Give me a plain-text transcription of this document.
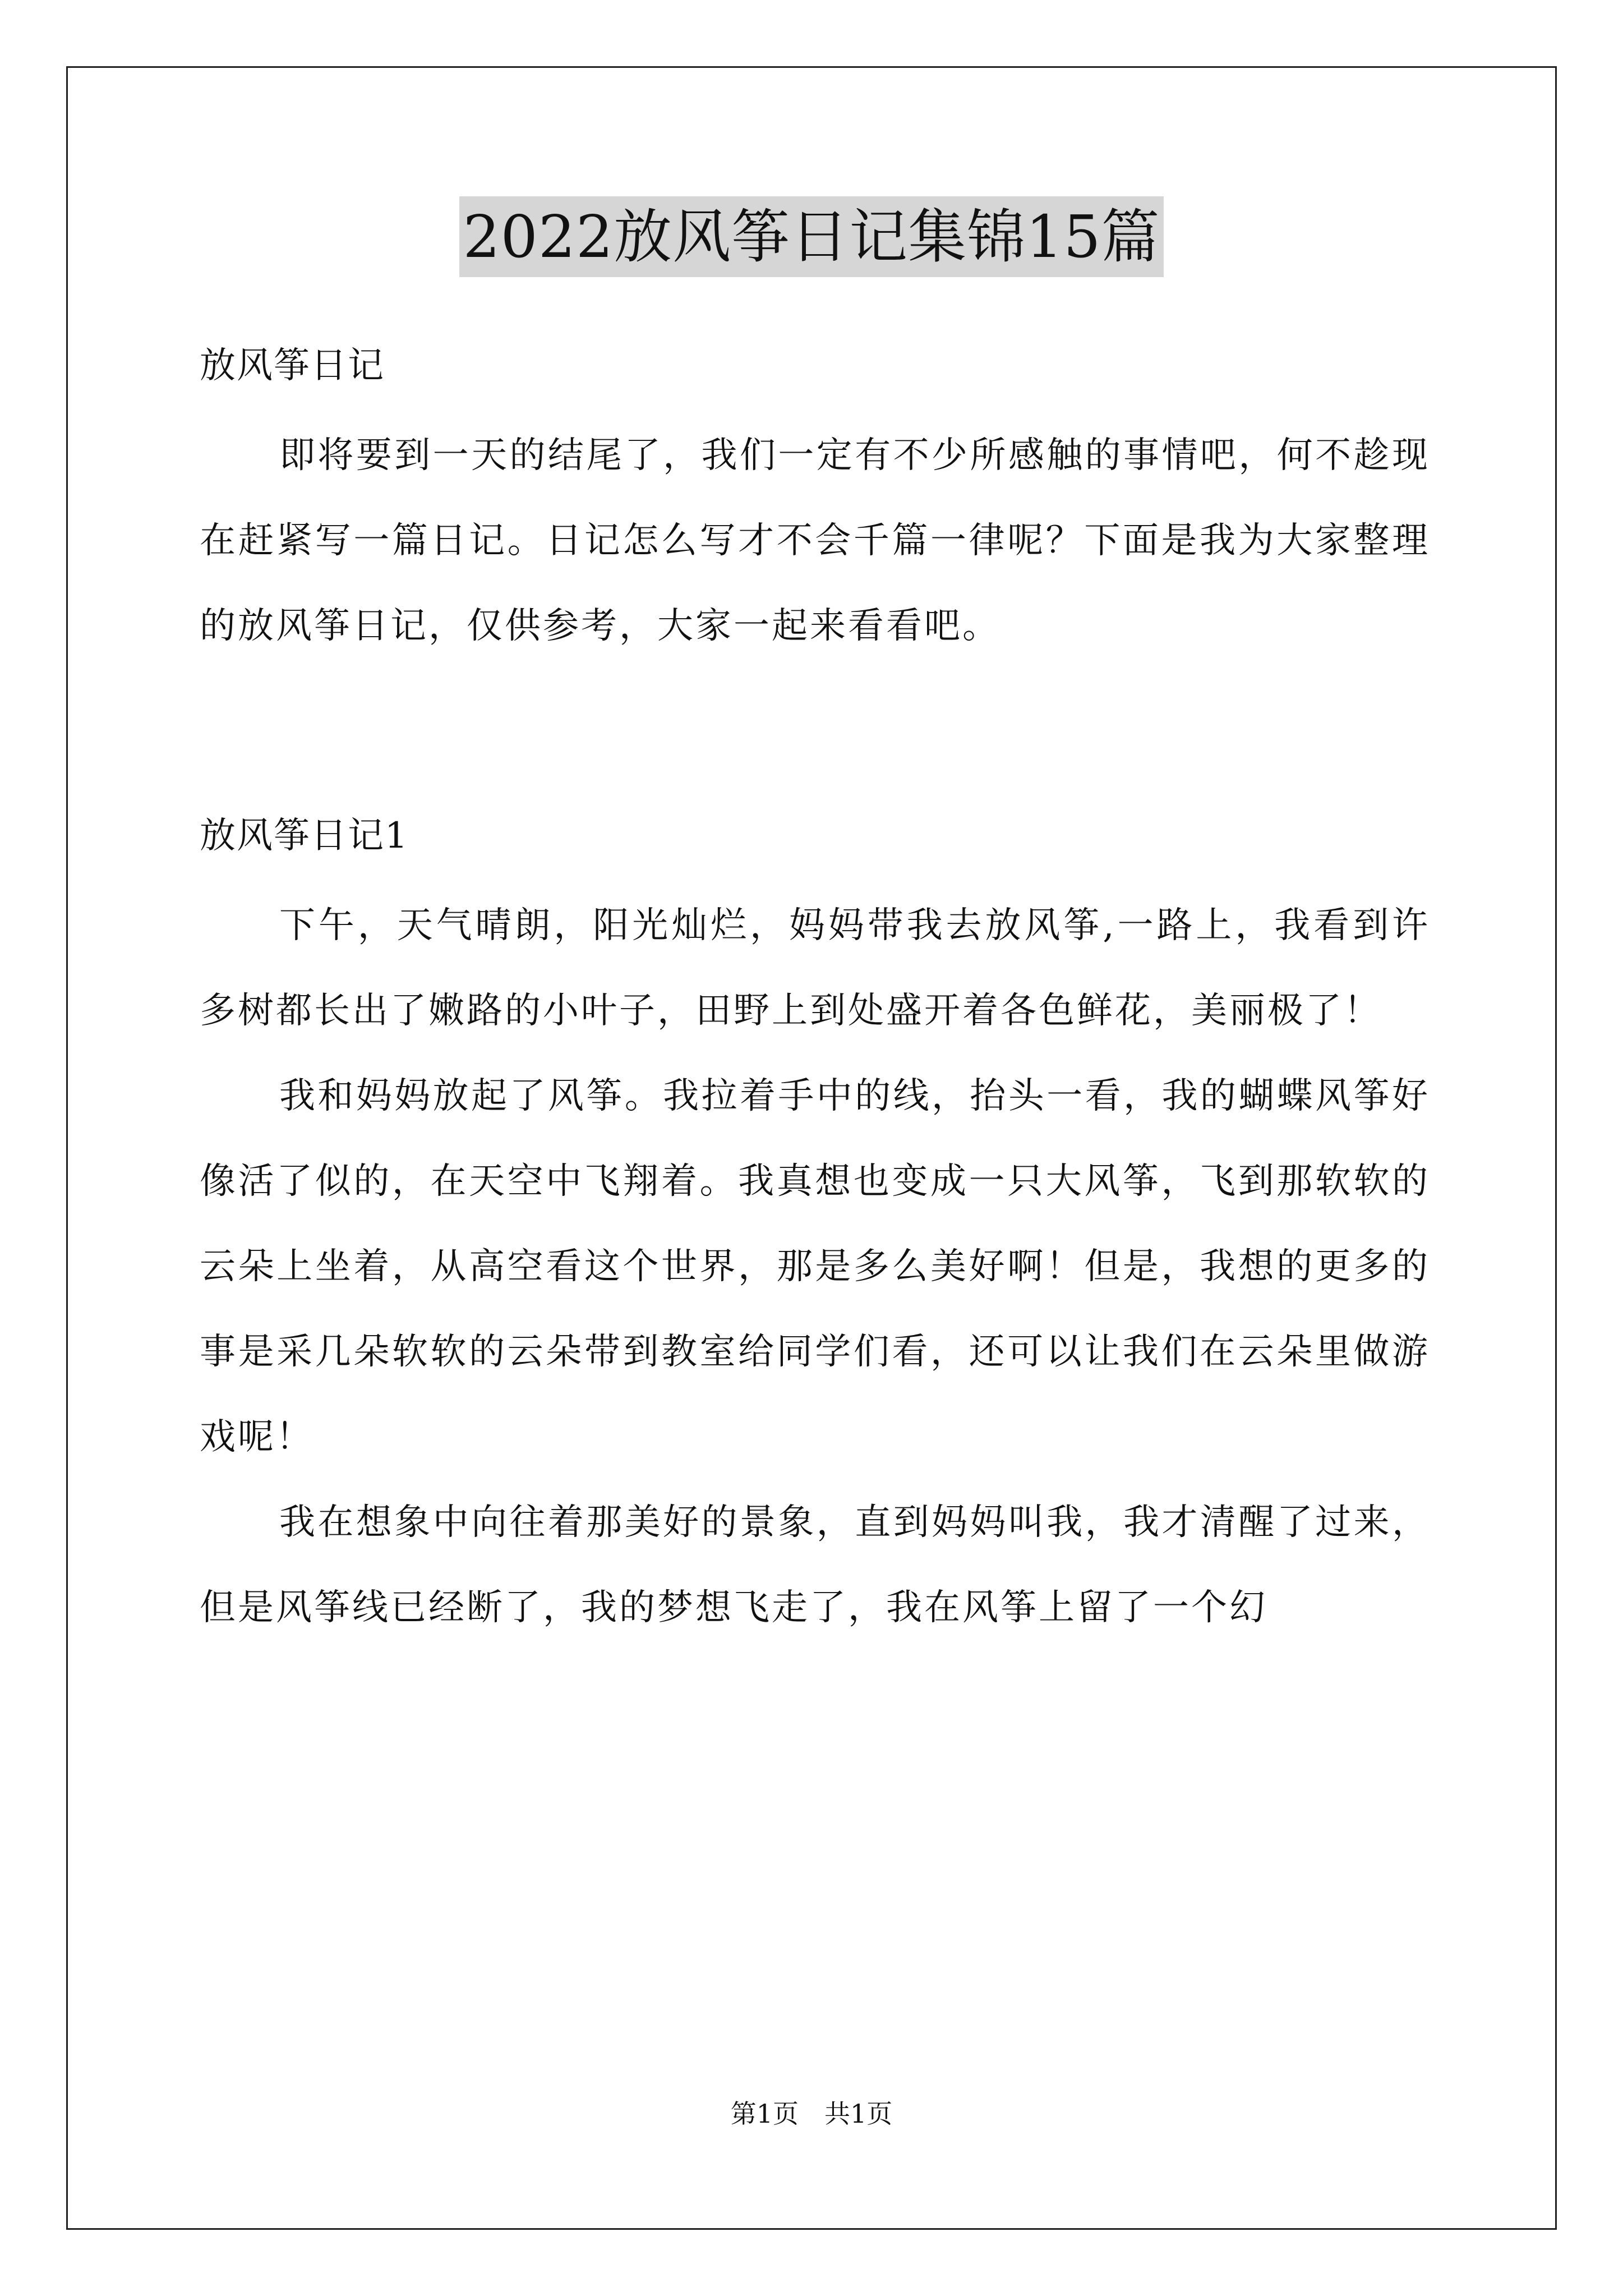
2022放风筝日记集锦15篇

放风筝日记

即将要到一天的结尾了，我们一定有不少所感触的事情吧，何不趁现在赶紧写一篇日记。日记怎么写才不会千篇一律呢？下面是我为大家整理的放风筝日记，仅供参考，大家一起来看看吧。

放风筝日记1

下午，天气晴朗，阳光灿烂，妈妈带我去放风筝,一路上，我看到许多树都长出了嫩路的小叶子，田野上到处盛开着各色鲜花，美丽极了！

我和妈妈放起了风筝。我拉着手中的线，抬头一看，我的蝴蝶风筝好像活了似的，在天空中飞翔着。我真想也变成一只大风筝，飞到那软软的云朵上坐着，从高空看这个世界，那是多么美好啊！但是，我想的更多的事是采几朵软软的云朵带到教室给同学们看，还可以让我们在云朵里做游戏呢！

我在想象中向往着那美好的景象，直到妈妈叫我，我才清醒了过来，但是风筝线已经断了，我的梦想飞走了，我在风筝上留了一个幻

第1页　共1页
